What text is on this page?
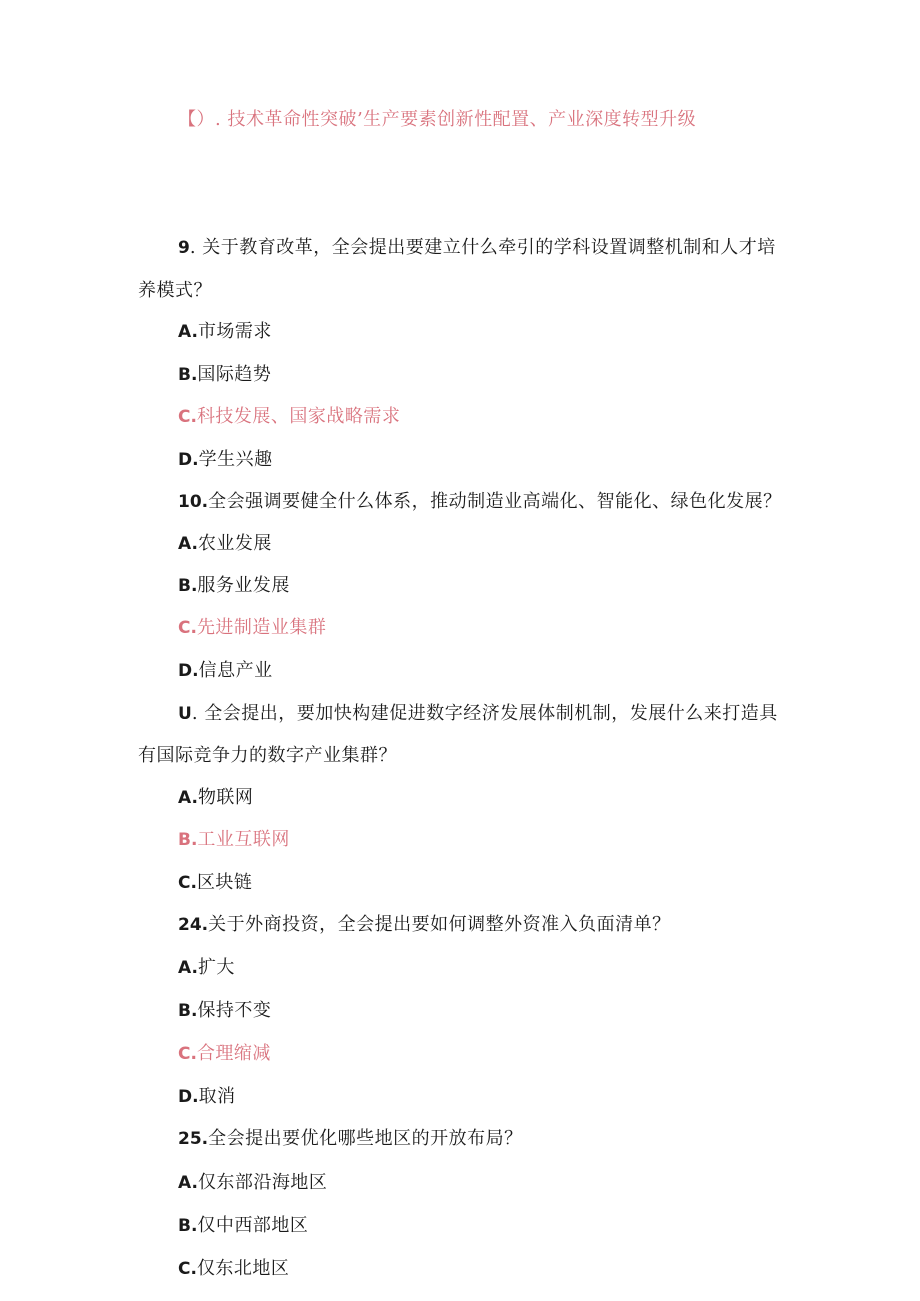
【）. 技术革命性突破’生产要素创新性配置、产业深度转型升级
9. 关于教育改革，全会提出要建立什么牵引的学科设置调整机制和人才培
养模式？
A.市场需求
B.国际趋势
C.科技发展、国家战略需求
D.学生兴趣
10.全会强调要健全什么体系，推动制造业高端化、智能化、绿色化发展？
A.农业发展
B.服务业发展
C.先进制造业集群
D.信息产业
U. 全会提出，要加快构建促进数字经济发展体制机制，发展什么来打造具
有国际竞争力的数字产业集群？
A.物联网
B.工业互联网
C.区块链
24.关于外商投资，全会提出要如何调整外资准入负面清单？
A.扩大
B.保持不变
C.合理缩减
D.取消
25.全会提出要优化哪些地区的开放布局？
A.仅东部沿海地区
B.仅中西部地区
C.仅东北地区
